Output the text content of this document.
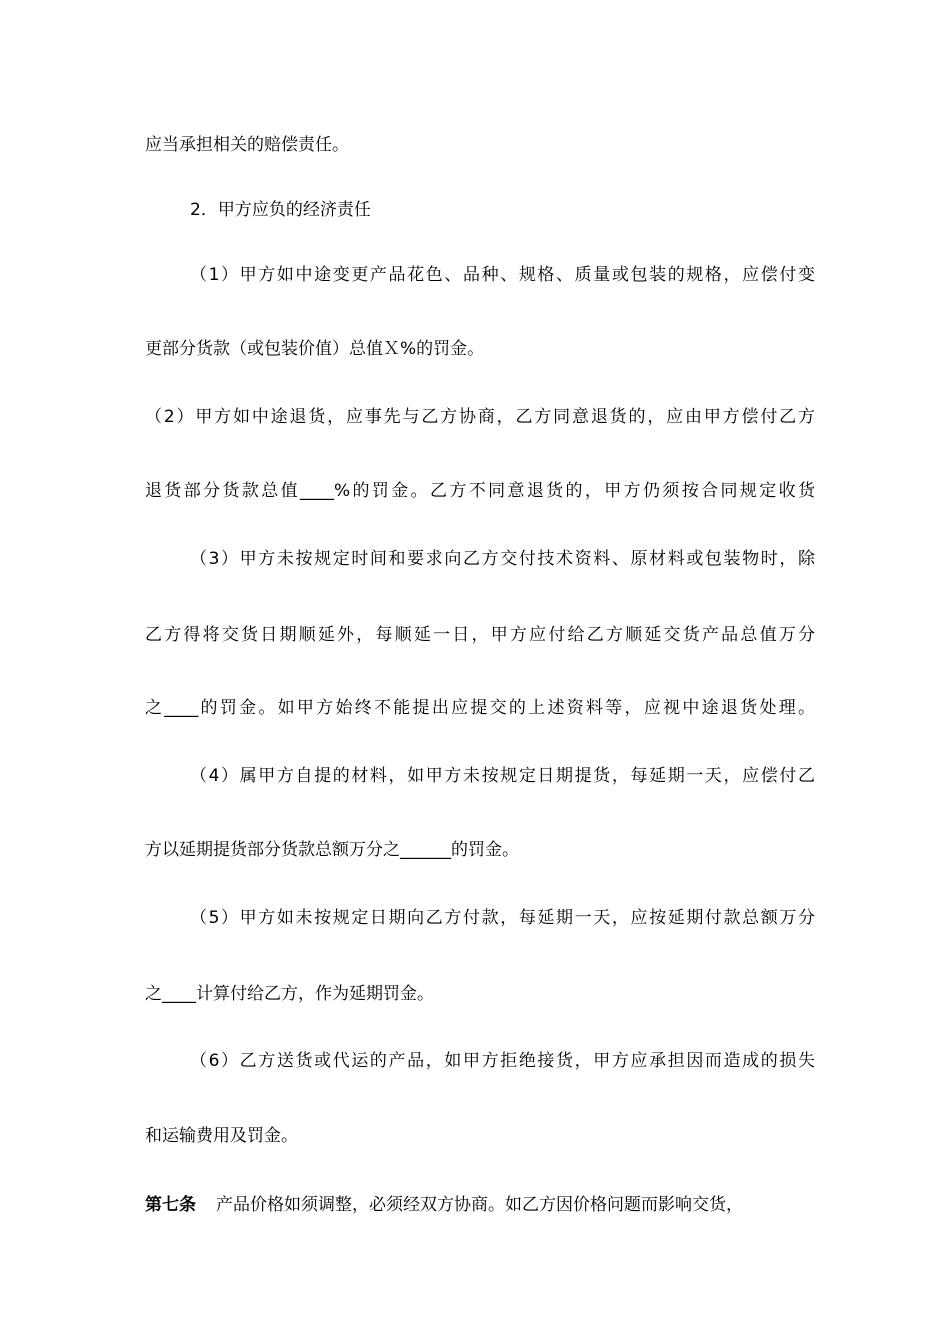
应当承担相关的赔偿责任。
2．甲方应负的经济责任
（1）甲方如中途变更产品花色、品种、规格、质量或包装的规格，应偿付变
更部分货款（或包装价值）总值Ｘ%的罚金。
（2）甲方如中途退货，应事先与乙方协商，乙方同意退货的，应由甲方偿付乙方
退货部分货款总值____%的罚金。乙方不同意退货的，甲方仍须按合同规定收货
（3）甲方未按规定时间和要求向乙方交付技术资料、原材料或包装物时，除
乙方得将交货日期顺延外，每顺延一日，甲方应付给乙方顺延交货产品总值万分
之____的罚金。如甲方始终不能提出应提交的上述资料等，应视中途退货处理。
（4）属甲方自提的材料，如甲方未按规定日期提货，每延期一天，应偿付乙
方以延期提货部分货款总额万分之______的罚金。
（5）甲方如未按规定日期向乙方付款，每延期一天，应按延期付款总额万分
之____计算付给乙方，作为延期罚金。
（6）乙方送货或代运的产品，如甲方拒绝接货，甲方应承担因而造成的损失
和运输费用及罚金。
第七条 产品价格如须调整，必须经双方协商。如乙方因价格问题而影响交货，
